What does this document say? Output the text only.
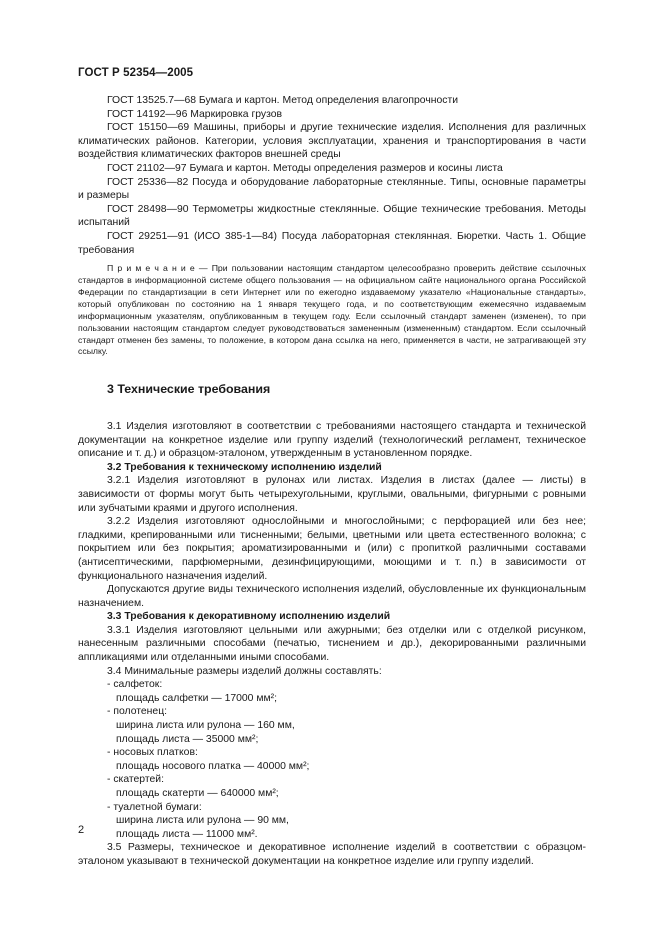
ГОСТ Р 52354—2005

ГОСТ 13525.7—68 Бумага и картон. Метод определения влагопрочности

ГОСТ 14192—96 Маркировка грузов

ГОСТ 15150—69 Машины, приборы и другие технические изделия. Исполнения для различных климатических районов. Категории, условия эксплуатации, хранения и транспортирования в части воздействия климатических факторов внешней среды

ГОСТ 21102—97 Бумага и картон. Методы определения размеров и косины листа

ГОСТ 25336—82 Посуда и оборудование лабораторные стеклянные. Типы, основные параметры и размеры

ГОСТ 28498—90 Термометры жидкостные стеклянные. Общие технические требования. Методы испытаний

ГОСТ 29251—91 (ИСО 385-1—84) Посуда лабораторная стеклянная. Бюретки. Часть 1. Общие требования

П р и м е ч а н и е — При пользовании настоящим стандартом целесообразно проверить действие ссылочных стандартов в информационной системе общего пользования — на официальном сайте национального органа Российской Федерации по стандартизации в сети Интернет или по ежегодно издаваемому указателю «Национальные стандарты», который опубликован по состоянию на 1 января текущего года, и по соответствующим ежемесячно издаваемым информационным указателям, опубликованным в текущем году. Если ссылочный стандарт заменен (изменен), то при пользовании настоящим стандартом следует руководствоваться замененным (измененным) стандартом. Если ссылочный стандарт отменен без замены, то положение, в котором дана ссылка на него, применяется в части, не затрагивающей эту ссылку.

3 Технические требования

3.1 Изделия изготовляют в соответствии с требованиями настоящего стандарта и технической документации на конкретное изделие или группу изделий (технологический регламент, техническое описание и т. д.) и образцом-эталоном, утвержденным в установленном порядке.

3.2 Требования к техническому исполнению изделий

3.2.1 Изделия изготовляют в рулонах или листах. Изделия в листах (далее — листы) в зависимости от формы могут быть четырехугольными, круглыми, овальными, фигурными с ровными или зубчатыми краями и другого исполнения.

3.2.2 Изделия изготовляют однослойными и многослойными; с перфорацией или без нее; гладкими, крепированными или тисненными; белыми, цветными или цвета естественного волокна; с покрытием или без покрытия; ароматизированными и (или) с пропиткой различными составами (антисептическими, парфюмерными, дезинфицирующими, моющими и т. п.) в зависимости от функционального назначения изделий.

Допускаются другие виды технического исполнения изделий, обусловленные их функциональным назначением.

3.3 Требования к декоративному исполнению изделий

3.3.1 Изделия изготовляют цельными или ажурными; без отделки или с отделкой рисунком, нанесенным различными способами (печатью, тиснением и др.), декорированными различными аппликациями или отделанными иными способами.

3.4 Минимальные размеры изделий должны составлять:

- салфеток:

площадь салфетки — 17000 мм²;

- полотенец:

ширина листа или рулона — 160 мм,

площадь листа — 35000 мм²;

- носовых платков:

площадь носового платка — 40000 мм²;

- скатертей:

площадь скатерти — 640000 мм²;

- туалетной бумаги:

ширина листа или рулона — 90 мм,

площадь листа — 11000 мм².

3.5 Размеры, техническое и декоративное исполнение изделий в соответствии с образцом-эталоном указывают в технической документации на конкретное изделие или группу изделий.

2
